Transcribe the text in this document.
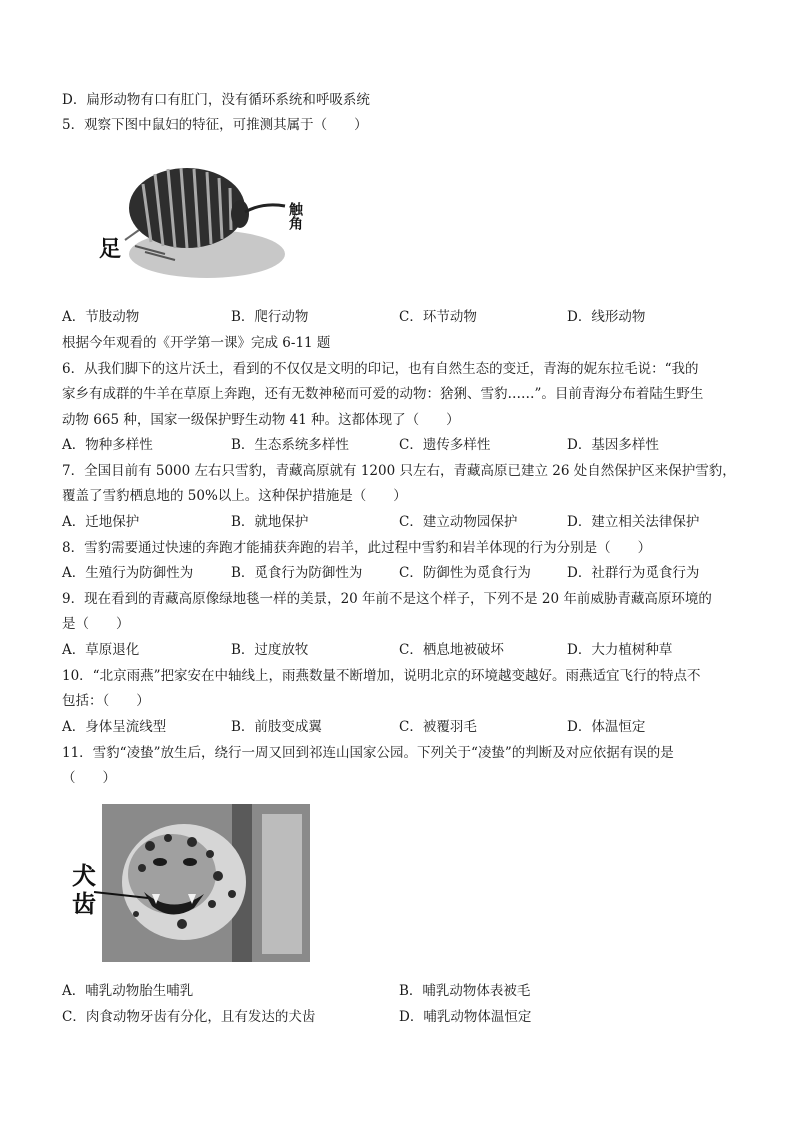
D．扁形动物有口有肛门，没有循环系统和呼吸系统
5．观察下图中鼠妇的特征，可推测其属于（　　）
足
触角
A．节肢动物	B．爬行动物	C．环节动物	D．线形动物
根据今年观看的《开学第一课》完成 6-11 题
6．从我们脚下的这片沃土，看到的不仅仅是文明的印记，也有自然生态的变迁，青海的妮东拉毛说：“我的
家乡有成群的牛羊在草原上奔跑，还有无数神秘而可爱的动物：猞猁、雪豹……”。目前青海分布着陆生野生
动物 665 种，国家一级保护野生动物 41 种。这都体现了（　　）
A．物种多样性	B．生态系统多样性	C．遗传多样性	D．基因多样性
7．全国目前有 5000 左右只雪豹，青藏高原就有 1200 只左右，青藏高原已建立 26 处自然保护区来保护雪豹，
覆盖了雪豹栖息地的 50%以上。这种保护措施是（　　）
A．迁地保护	B．就地保护	C．建立动物园保护	D．建立相关法律保护
8．雪豹需要通过快速的奔跑才能捕获奔跑的岩羊，此过程中雪豹和岩羊体现的行为分别是（　　）
A．生殖行为防御性为	B．觅食行为防御性为	C．防御性为觅食行为	D．社群行为觅食行为
9．现在看到的青藏高原像绿地毯一样的美景，20 年前不是这个样子，下列不是 20 年前威胁青藏高原环境的
是（　　）
A．草原退化	B．过度放牧	C．栖息地被破坏	D．大力植树种草
10．“北京雨燕”把家安在中轴线上，雨燕数量不断增加，说明北京的环境越变越好。雨燕适宜飞行的特点不
包括：（　　）
A．身体呈流线型	B．前肢变成翼	C．被覆羽毛	D．体温恒定
11．雪豹“凌蛰”放生后，绕行一周又回到祁连山国家公园。下列关于“凌蛰”的判断及对应依据有误的是
（　　）
犬
齿
A．哺乳动物胎生哺乳	B．哺乳动物体表被毛
C．肉食动物牙齿有分化，且有发达的犬齿	D．哺乳动物体温恒定
